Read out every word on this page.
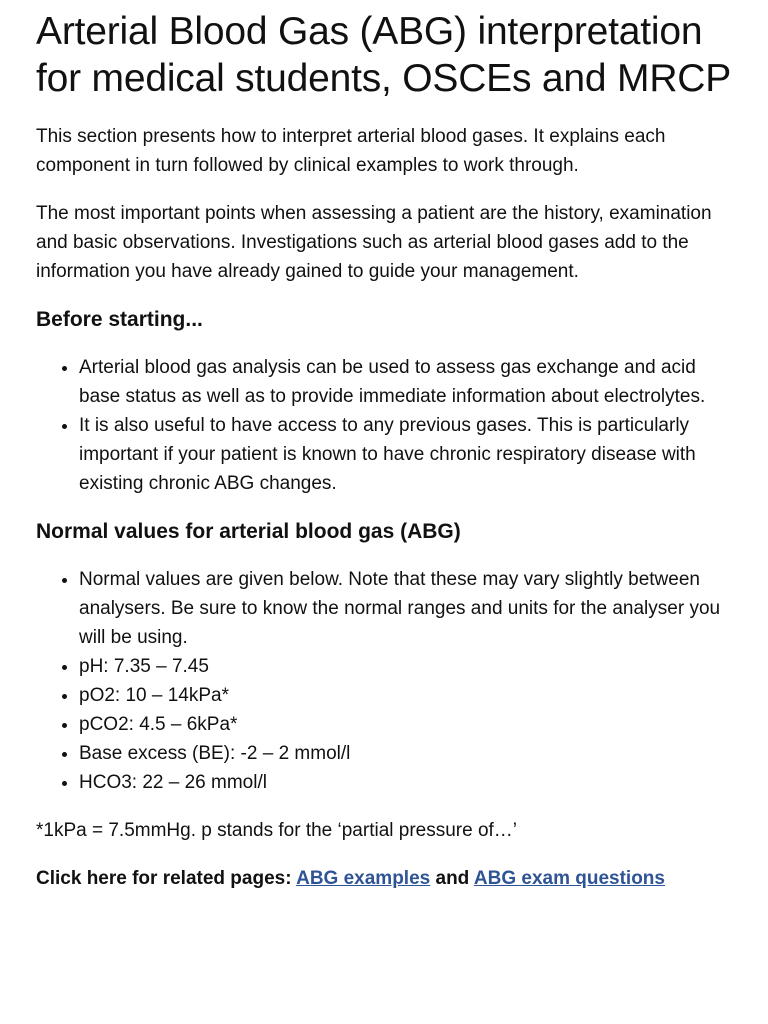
Arterial Blood Gas (ABG) interpretation for medical students, OSCEs and MRCP

This section presents how to interpret arterial blood gases. It explains each component in turn followed by clinical examples to work through.

The most important points when assessing a patient are the history, examination and basic observations. Investigations such as arterial blood gases add to the information you have already gained to guide your management.

Before starting...
• Arterial blood gas analysis can be used to assess gas exchange and acid base status as well as to provide immediate information about electrolytes.
• It is also useful to have access to any previous gases. This is particularly important if your patient is known to have chronic respiratory disease with existing chronic ABG changes.
Normal values for arterial blood gas (ABG)
• Normal values are given below. Note that these may vary slightly between analysers. Be sure to know the normal ranges and units for the analyser you will be using.
• pH: 7.35 – 7.45
• pO2: 10 – 14kPa*
• pCO2: 4.5 – 6kPa*
• Base excess (BE): -2 – 2 mmol/l
• HCO3: 22 – 26 mmol/l

*1kPa = 7.5mmHg. p stands for the ‘partial pressure of…’

Click here for related pages: ABG examples and ABG exam questions
